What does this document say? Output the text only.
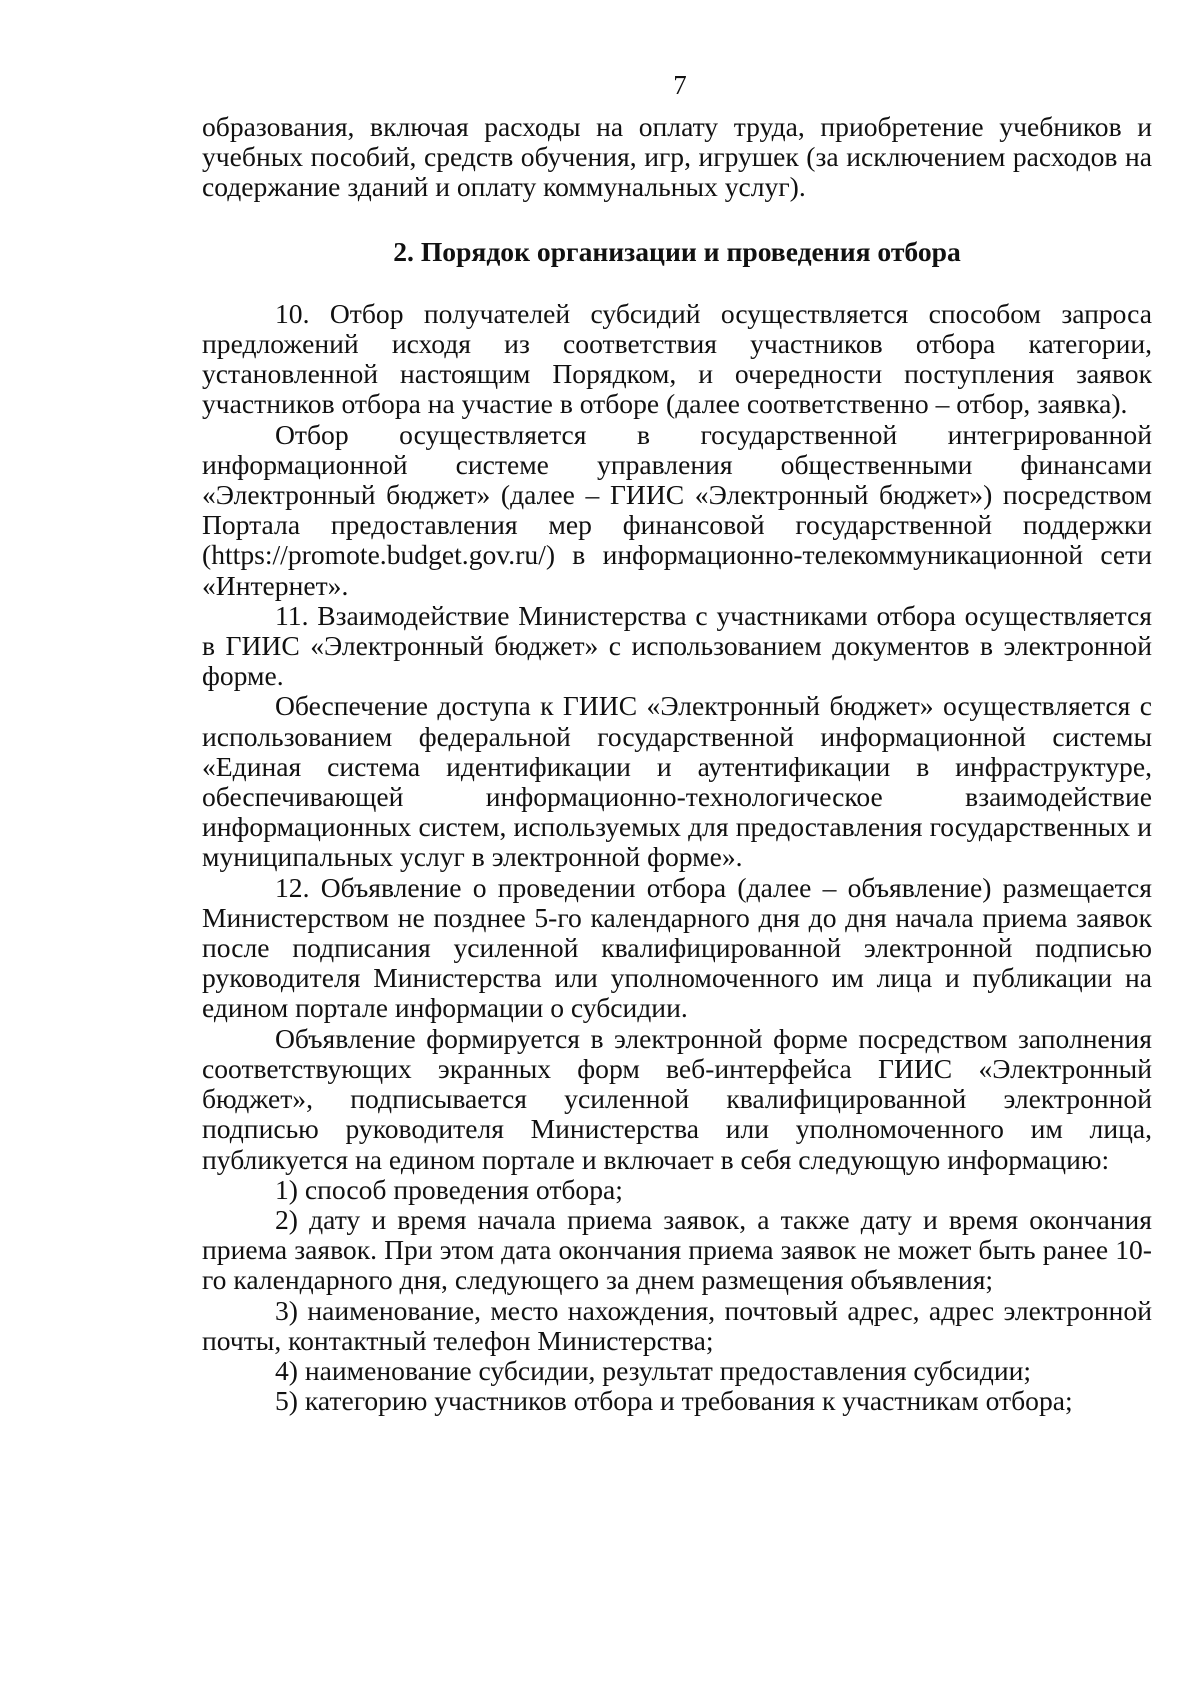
7

образования, включая расходы на оплату труда, приобретение учебников и учебных пособий, средств обучения, игр, игрушек (за исключением расходов на содержание зданий и оплату коммунальных услуг).

2. Порядок организации и проведения отбора

10. Отбор получателей субсидий осуществляется способом запроса предложений исходя из соответствия участников отбора категории, установленной настоящим Порядком, и очередности поступления заявок участников отбора на участие в отборе (далее соответственно – отбор, заявка).

Отбор осуществляется в государственной интегрированной информационной системе управления общественными финансами «Электронный бюджет» (далее – ГИИС «Электронный бюджет») посредством Портала предоставления мер финансовой государственной поддержки (https://promote.budget.gov.ru/) в информационно-телекоммуникационной сети «Интернет».

11. Взаимодействие Министерства с участниками отбора осуществляется в ГИИС «Электронный бюджет» с использованием документов в электронной форме.

Обеспечение доступа к ГИИС «Электронный бюджет» осуществляется с использованием федеральной государственной информационной системы «Единая система идентификации и аутентификации в инфраструктуре, обеспечивающей информационно-технологическое взаимодействие информационных систем, используемых для предоставления государственных и муниципальных услуг в электронной форме».

12. Объявление о проведении отбора (далее – объявление) размещается Министерством не позднее 5-го календарного дня до дня начала приема заявок после подписания усиленной квалифицированной электронной подписью руководителя Министерства или уполномоченного им лица и публикации на едином портале информации о субсидии.

Объявление формируется в электронной форме посредством заполнения соответствующих экранных форм веб-интерфейса ГИИС «Электронный бюджет», подписывается усиленной квалифицированной электронной подписью руководителя Министерства или уполномоченного им лица, публикуется на едином портале и включает в себя следующую информацию:

1) способ проведения отбора;

2) дату и время начала приема заявок, а также дату и время окончания приема заявок. При этом дата окончания приема заявок не может быть ранее 10-го календарного дня, следующего за днем размещения объявления;

3) наименование, место нахождения, почтовый адрес, адрес электронной почты, контактный телефон Министерства;

4) наименование субсидии, результат предоставления субсидии;

5) категорию участников отбора и требования к участникам отбора;
